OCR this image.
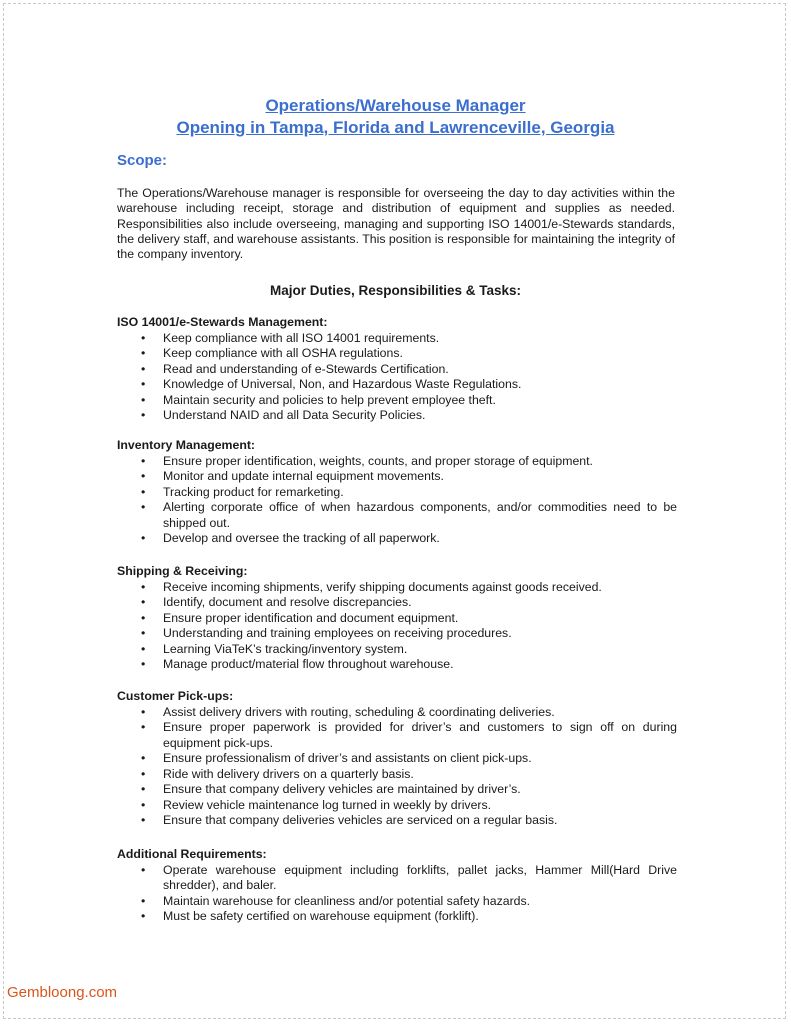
Operations/Warehouse Manager
Opening in Tampa, Florida and Lawrenceville, Georgia
Scope:
The Operations/Warehouse manager is responsible for overseeing the day to day activities within the warehouse including receipt, storage and distribution of equipment and supplies as needed. Responsibilities also include overseeing, managing and supporting ISO 14001/e-Stewards standards, the delivery staff, and warehouse assistants. This position is responsible for maintaining the integrity of the company inventory.
Major Duties, Responsibilities & Tasks:
ISO 14001/e-Stewards Management:
• Keep compliance with all ISO 14001 requirements.
• Keep compliance with all OSHA regulations.
• Read and understanding of e-Stewards Certification.
• Knowledge of Universal, Non, and Hazardous Waste Regulations.
• Maintain security and policies to help prevent employee theft.
• Understand NAID and all Data Security Policies.
Inventory Management:
• Ensure proper identification, weights, counts, and proper storage of equipment.
• Monitor and update internal equipment movements.
• Tracking product for remarketing.
• Alerting corporate office of when hazardous components, and/or commodities need to be shipped out.
• Develop and oversee the tracking of all paperwork.
Shipping & Receiving:
• Receive incoming shipments, verify shipping documents against goods received.
• Identify, document and resolve discrepancies.
• Ensure proper identification and document equipment.
• Understanding and training employees on receiving procedures.
• Learning ViaTeK’s tracking/inventory system.
• Manage product/material flow throughout warehouse.
Customer Pick-ups:
• Assist delivery drivers with routing, scheduling & coordinating deliveries.
• Ensure proper paperwork is provided for driver’s and customers to sign off on during equipment pick-ups.
• Ensure professionalism of driver’s and assistants on client pick-ups.
• Ride with delivery drivers on a quarterly basis.
• Ensure that company delivery vehicles are maintained by driver’s.
• Review vehicle maintenance log turned in weekly by drivers.
• Ensure that company deliveries vehicles are serviced on a regular basis.
Additional Requirements:
• Operate warehouse equipment including forklifts, pallet jacks, Hammer Mill(Hard Drive shredder), and baler.
• Maintain warehouse for cleanliness and/or potential safety hazards.
• Must be safety certified on warehouse equipment (forklift).
Gembloong.com
